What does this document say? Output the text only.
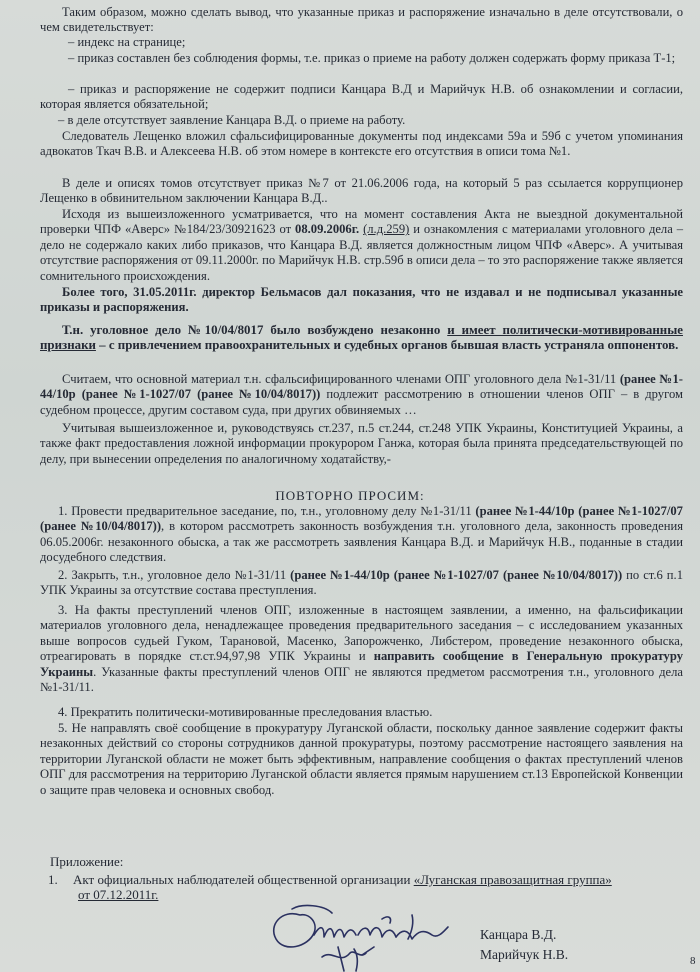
Таким образом, можно сделать вывод, что указанные приказ и распоряжение изначально в деле отсутствовали, о чем свидетельствует:

– индекс на странице;

– приказ составлен без соблюдения формы, т.е. приказ о приеме на работу должен содержать форму приказа Т-1;

– приказ и распоряжение не содержит подписи Канцара В.Д и Марийчук Н.В. об ознакомлении и согласии, которая является обязательной;

– в деле отсутствует заявление Канцара В.Д. о приеме на работу.

Следователь Лещенко вложил сфальсифицированные документы под индексами 59а и 59б с учетом упоминания адвокатов Ткач В.В. и Алексеева Н.В. об этом номере в контексте его отсутствия в описи тома №1.

В деле и описях томов отсутствует приказ №7 от 21.06.2006 года, на который 5 раз ссылается коррупционер Лещенко в обвинительном заключении Канцара В.Д..

Исходя из вышеизложенного усматривается, что на момент составления Акта не выездной документальной проверки ЧПФ «Аверс» №184/23/30921623 от 08.09.2006г. (л.д.259) и ознакомления с материалами уголовного дела – дело не содержало каких либо приказов, что Канцара В.Д. является должностным лицом ЧПФ «Аверс». А учитывая отсутствие распоряжения от 09.11.2000г. по Марийчук Н.В. стр.59б в описи дела – то это распоряжение также является сомнительного происхождения.

Более того, 31.05.2011г. директор Бельмасов дал показания, что не издавал и не подписывал указанные приказы и распоряжения.

Т.н. уголовное дело №10/04/8017 было возбуждено незаконно и имеет политически-мотивированные признаки – с привлечением правоохранительных и судебных органов бывшая власть устраняла оппонентов.

Считаем, что основной материал т.н. сфальсифицированного членами ОПГ уголовного дела №1-31/11 (ранее №1-44/10р (ранее №1-1027/07 (ранее №10/04/8017)) подлежит рассмотрению в отношении членов ОПГ – в другом судебном процессе, другим составом суда, при других обвиняемых …

Учитывая вышеизложенное и, руководствуясь ст.237, п.5 ст.244, ст.248 УПК Украины, Конституцией Украины, а также факт предоставления ложной информации прокурором Ганжа, которая была принята председательствующей по делу, при вынесении определения по аналогичному ходатайству,-

ПОВТОРНО ПРОСИМ:

1. Провести предварительное заседание, по, т.н., уголовному делу №1-31/11 (ранее №1-44/10р (ранее №1-1027/07 (ранее №10/04/8017)), в котором рассмотреть законность возбуждения т.н. уголовного дела, законность проведения 06.05.2006г. незаконного обыска, а так же рассмотреть заявления Канцара В.Д. и Марийчук Н.В., поданные в стадии досудебного следствия.

2. Закрыть, т.н., уголовное дело №1-31/11 (ранее №1-44/10р (ранее №1-1027/07 (ранее №10/04/8017)) по ст.6 п.1 УПК Украины за отсутствие состава преступления.

3. На факты преступлений членов ОПГ, изложенные в настоящем заявлении, а именно, на фальсификации материалов уголовного дела, ненадлежащее проведения предварительного заседания – с исследованием указанных выше вопросов судьей Гуком, Тарановой, Масенко, Запорожченко, Либстером, проведение незаконного обыска, отреагировать в порядке ст.ст.94,97,98 УПК Украины и направить сообщение в Генеральную прокуратуру Украины. Указанные факты преступлений членов ОПГ не являются предметом рассмотрения т.н., уголовного дела №1-31/11.

4. Прекратить политически-мотивированные преследования властью.

5. Не направлять своё сообщение в прокуратуру Луганской области, поскольку данное заявление содержит факты незаконных действий со стороны сотрудников данной прокуратуры, поэтому рассмотрение настоящего заявления на территории Луганской области не может быть эффективным, направление сообщения о фактах преступлений членов ОПГ для рассмотрения на территорию Луганской области является прямым нарушением ст.13 Европейской Конвенции о защите прав человека и основных свобод.

Приложение:
1. Акт официальных наблюдателей общественной организации «Луганская правозащитная группа»
от 07.12.2011г.
Канцара В.Д.
Марийчук Н.В.	8
